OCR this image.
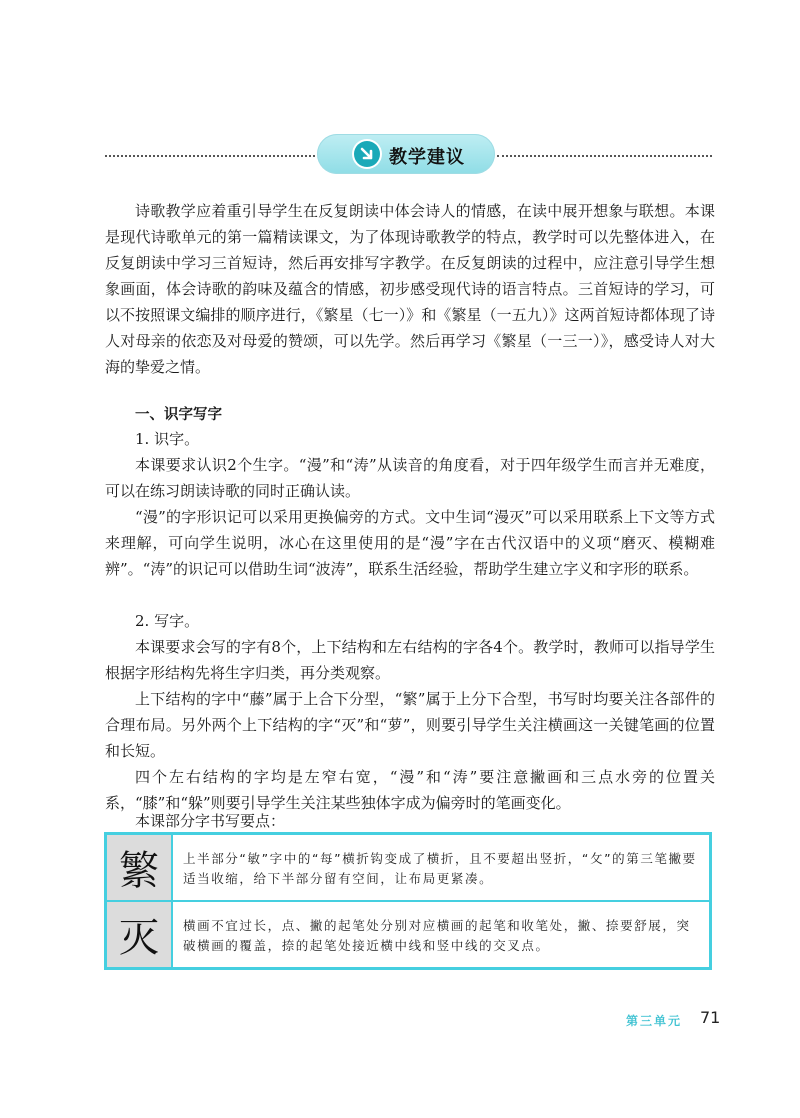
教学建议

诗歌教学应着重引导学生在反复朗读中体会诗人的情感，在读中展开想象与联想。本课是现代诗歌单元的第一篇精读课文，为了体现诗歌教学的特点，教学时可以先整体进入，在反复朗读中学习三首短诗，然后再安排写字教学。在反复朗读的过程中，应注意引导学生想象画面，体会诗歌的韵味及蕴含的情感，初步感受现代诗的语言特点。三首短诗的学习，可以不按照课文编排的顺序进行，《繁星（七一）》和《繁星（一五九）》这两首短诗都体现了诗人对母亲的依恋及对母爱的赞颂，可以先学。然后再学习《繁星（一三一）》，感受诗人对大海的挚爱之情。

一、识字写字

1. 识字。

本课要求认识2个生字。“漫”和“涛”从读音的角度看，对于四年级学生而言并无难度，可以在练习朗读诗歌的同时正确认读。

“漫”的字形识记可以采用更换偏旁的方式。文中生词“漫灭”可以采用联系上下文等方式来理解，可向学生说明，冰心在这里使用的是“漫”字在古代汉语中的义项“磨灭、模糊难辨”。“涛”的识记可以借助生词“波涛”，联系生活经验，帮助学生建立字义和字形的联系。

2. 写字。

本课要求会写的字有8个，上下结构和左右结构的字各4个。教学时，教师可以指导学生根据字形结构先将生字归类，再分类观察。

上下结构的字中“藤”属于上合下分型，“繁”属于上分下合型，书写时均要关注各部件的合理布局。另外两个上下结构的字“灭”和“萝”，则要引导学生关注横画这一关键笔画的位置和长短。

四个左右结构的字均是左窄右宽，“漫”和“涛”要注意撇画和三点水旁的位置关系，“膝”和“躲”则要引导学生关注某些独体字成为偏旁时的笔画变化。

本课部分字书写要点：

繁	上半部分“敏”字中的“每”横折钩变成了横折，且不要超出竖折，“攵”的第三笔撇要适当收缩，给下半部分留有空间，让布局更紧凑。
灭	横画不宜过长，点、撇的起笔处分别对应横画的起笔和收笔处，撇、捺要舒展，突破横画的覆盖，捺的起笔处接近横中线和竖中线的交叉点。
第三单元 71
